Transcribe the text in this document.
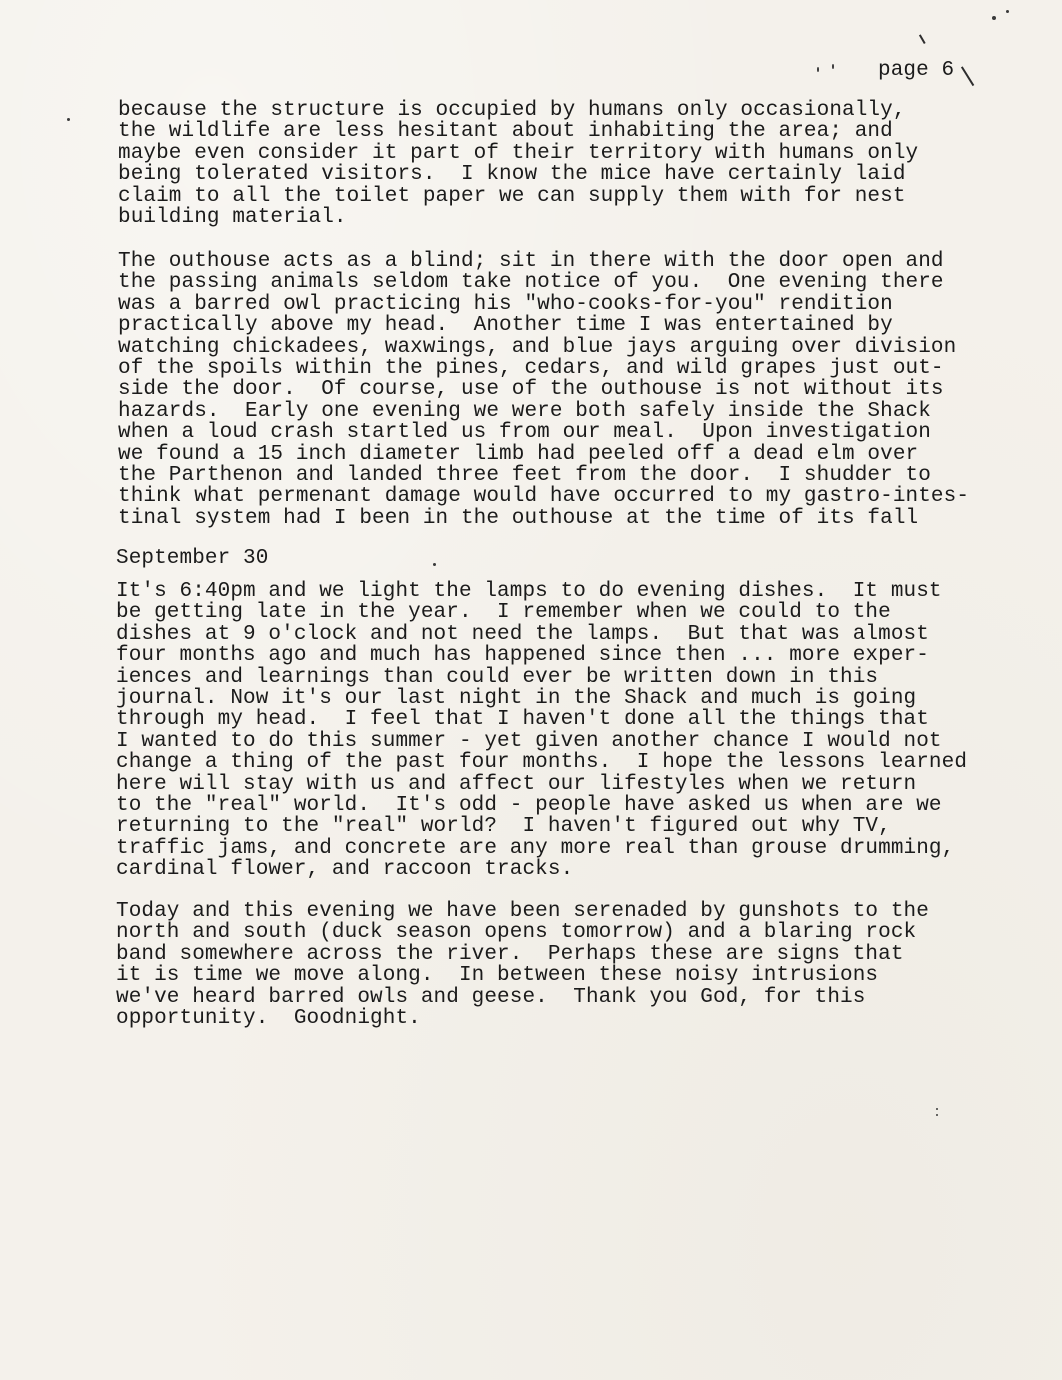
page 6

because the structure is occupied by humans only occasionally,
the wildlife are less hesitant about inhabiting the area; and
maybe even consider it part of their territory with humans only
being tolerated visitors.  I know the mice have certainly laid
claim to all the toilet paper we can supply them with for nest
building material.

The outhouse acts as a blind; sit in there with the door open and
the passing animals seldom take notice of you.  One evening there
was a barred owl practicing his "who-cooks-for-you" rendition
practically above my head.  Another time I was entertained by
watching chickadees, waxwings, and blue jays arguing over division
of the spoils within the pines, cedars, and wild grapes just out-
side the door.  Of course, use of the outhouse is not without its
hazards.  Early one evening we were both safely inside the Shack
when a loud crash startled us from our meal.  Upon investigation
we found a 15 inch diameter limb had peeled off a dead elm over
the Parthenon and landed three feet from the door.  I shudder to
think what permenant damage would have occurred to my gastro-intes-
tinal system had I been in the outhouse at the time of its fall

September 30

It's 6:40pm and we light the lamps to do evening dishes.  It must
be getting late in the year.  I remember when we could to the
dishes at 9 o'clock and not need the lamps.  But that was almost
four months ago and much has happened since then ... more exper-
iences and learnings than could ever be written down in this
journal. Now it's our last night in the Shack and much is going
through my head.  I feel that I haven't done all the things that
I wanted to do this summer - yet given another chance I would not
change a thing of the past four months.  I hope the lessons learned
here will stay with us and affect our lifestyles when we return
to the "real" world.  It's odd - people have asked us when are we
returning to the "real" world?  I haven't figured out why TV,
traffic jams, and concrete are any more real than grouse drumming,
cardinal flower, and raccoon tracks.

Today and this evening we have been serenaded by gunshots to the
north and south (duck season opens tomorrow) and a blaring rock
band somewhere across the river.  Perhaps these are signs that
it is time we move along.  In between these noisy intrusions
we've heard barred owls and geese.  Thank you God, for this
opportunity.  Goodnight.
